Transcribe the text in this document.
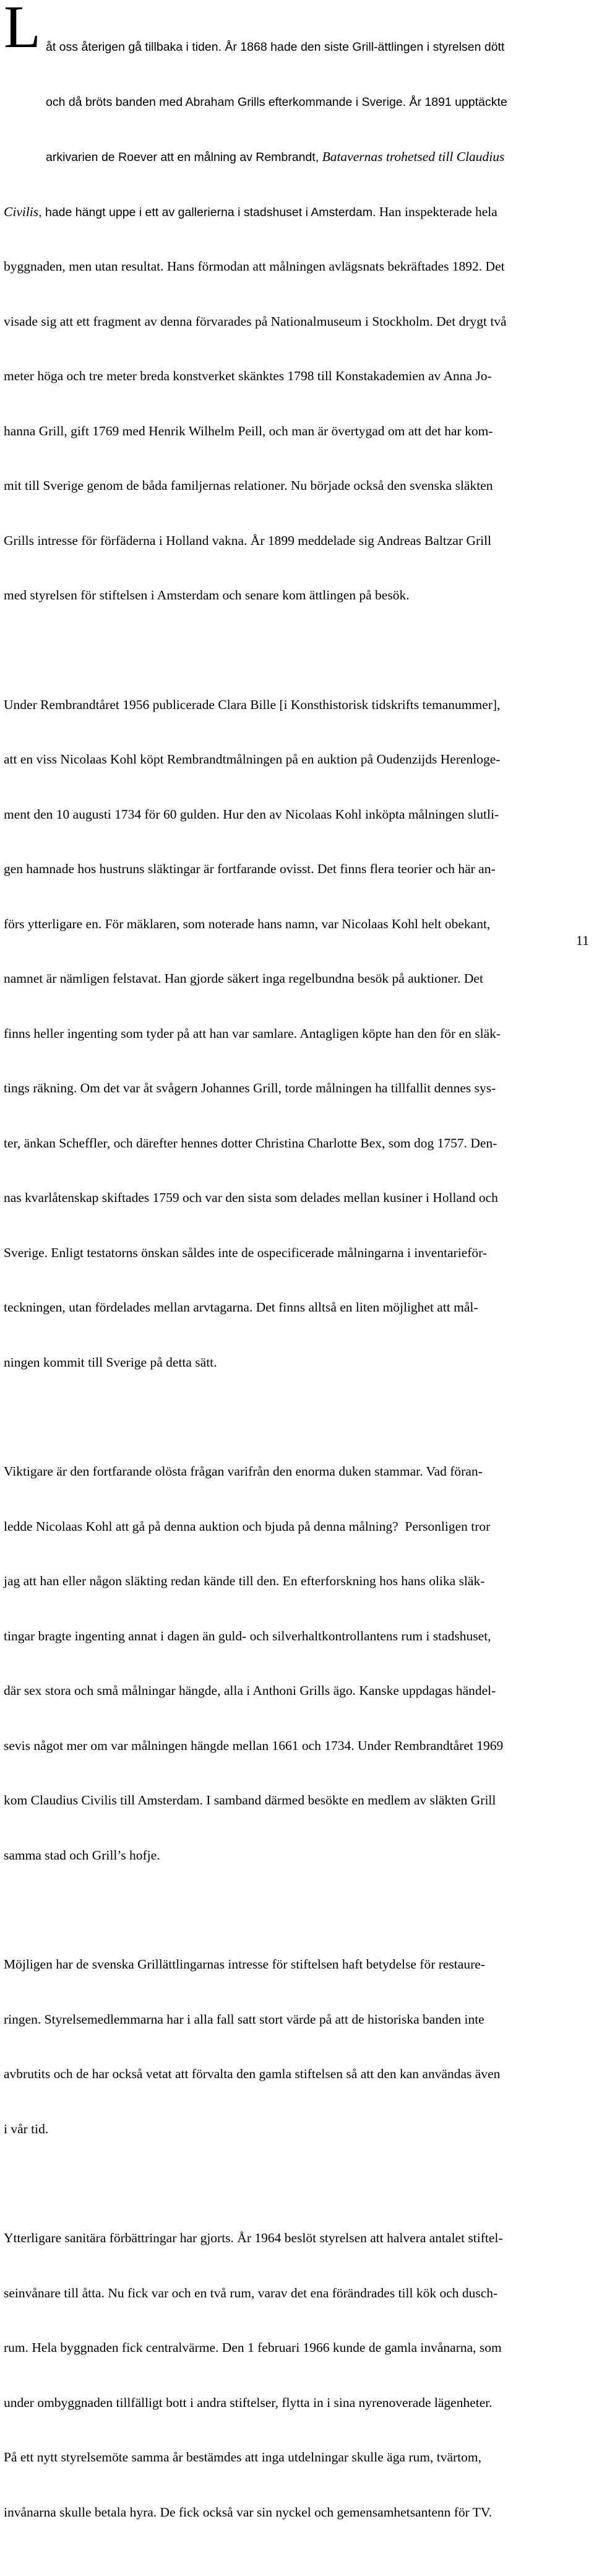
L

åt oss återigen gå tillbaka i tiden. År 1868 hade den siste Grill-ättlingen i styrelsen dött

och då bröts banden med Abraham Grills efterkommande i Sverige. År 1891 upptäckte

arkivarien de Roever att en målning av Rembrandt, Batavernas trohetsed till Claudius

Civilis, hade hängt uppe i ett av gallerierna i stadshuset i Amsterdam. Han inspekterade hela

byggnaden, men utan resultat. Hans förmodan att målningen avlägsnats bekräftades 1892. Det

visade sig att ett fragment av denna förvarades på Nationalmuseum i Stockholm. Det drygt två

meter höga och tre meter breda konstverket skänktes 1798 till Konstakademien av Anna Jo-

hanna Grill, gift 1769 med Henrik Wilhelm Peill, och man är övertygad om att det har kom-

mit till Sverige genom de båda familjernas relationer. Nu började också den svenska släkten

Grills intresse för förfäderna i Holland vakna. År 1899 meddelade sig Andreas Baltzar Grill

med styrelsen för stiftelsen i Amsterdam och senare kom ättlingen på besök.

Under Rembrandtåret 1956 publicerade Clara Bille [i Konsthistorisk tidskrifts temanummer],

att en viss Nicolaas Kohl köpt Rembrandtmålningen på en auktion på Oudenzijds Herenloge-

ment den 10 augusti 1734 för 60 gulden. Hur den av Nicolaas Kohl inköpta målningen slutli-

gen hamnade hos hustruns släktingar är fortfarande ovisst. Det finns flera teorier och här an-

förs ytterligare en. För mäklaren, som noterade hans namn, var Nicolaas Kohl helt obekant,

namnet är nämligen felstavat. Han gjorde säkert inga regelbundna besök på auktioner. Det

finns heller ingenting som tyder på att han var samlare. Antagligen köpte han den för en släk-

tings räkning. Om det var åt svågern Johannes Grill, torde målningen ha tillfallit dennes sys-

ter, änkan Scheffler, och därefter hennes dotter Christina Charlotte Bex, som dog 1757. Den-

nas kvarlåtenskap skiftades 1759 och var den sista som delades mellan kusiner i Holland och

Sverige. Enligt testatorns önskan såldes inte de ospecificerade målningarna i inventarieför-

teckningen, utan fördelades mellan arvtagarna. Det finns alltså en liten möjlighet att mål-

ningen kommit till Sverige på detta sätt.

Viktigare är den fortfarande olösta frågan varifrån den enorma duken stammar. Vad föran-

ledde Nicolaas Kohl att gå på denna auktion och bjuda på denna målning?  Personligen tror

jag att han eller någon släkting redan kände till den. En efterforskning hos hans olika släk-

tingar bragte ingenting annat i dagen än guld- och silverhaltkontrollantens rum i stadshuset,

där sex stora och små målningar hängde, alla i Anthoni Grills ägo. Kanske uppdagas händel-

sevis något mer om var målningen hängde mellan 1661 och 1734. Under Rembrandtåret 1969

kom Claudius Civilis till Amsterdam. I samband därmed besökte en medlem av släkten Grill

samma stad och Grill’s hofje.

Möjligen har de svenska Grillättlingarnas intresse för stiftelsen haft betydelse för restaure-

ringen. Styrelsemedlemmarna har i alla fall satt stort värde på att de historiska banden inte

avbrutits och de har också vetat att förvalta den gamla stiftelsen så att den kan användas även

i vår tid.

Ytterligare sanitära förbättringar har gjorts. År 1964 beslöt styrelsen att halvera antalet stiftel-

seinvånare till åtta. Nu fick var och en två rum, varav det ena förändrades till kök och dusch-

rum. Hela byggnaden fick centralvärme. Den 1 februari 1966 kunde de gamla invånarna, som

under ombyggnaden tillfälligt bott i andra stiftelser, flytta in i sina nyrenoverade lägenheter.

På ett nytt styrelsemöte samma år bestämdes att inga utdelningar skulle äga rum, tvärtom,

invånarna skulle betala hyra. De fick också var sin nyckel och gemensamhetsantenn för TV.

11
